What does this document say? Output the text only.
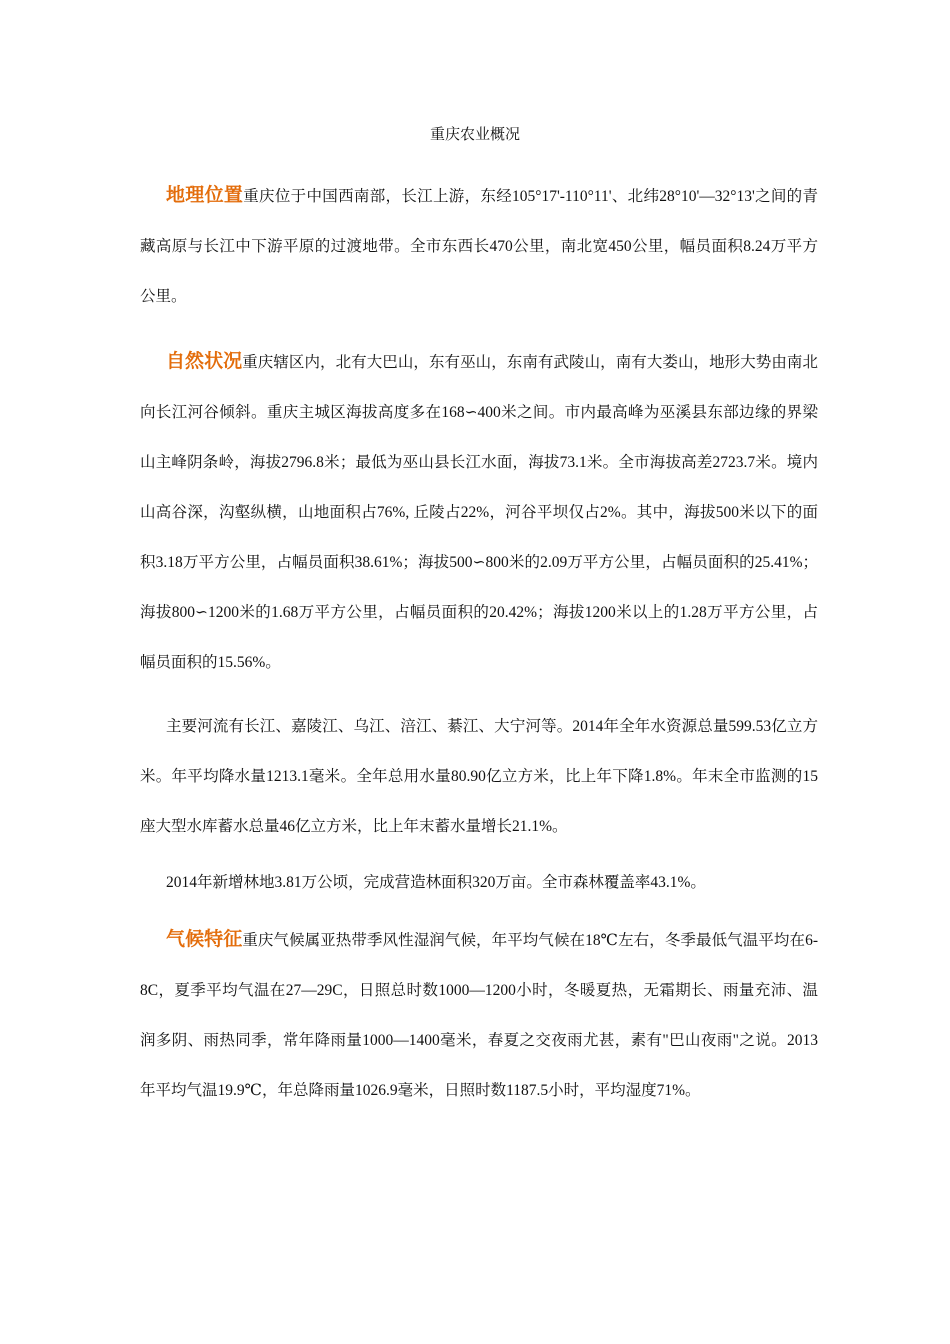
重庆农业概况

地理位置重庆位于中国西南部，长江上游，东经105°17'-110°11'、北纬28°10'—32°13'之间的青藏高原与长江中下游平原的过渡地带。全市东西长470公里，南北宽450公里，幅员面积8.24万平方公里。

自然状况重庆辖区内，北有大巴山，东有巫山，东南有武陵山，南有大娄山，地形大势由南北向长江河谷倾斜。重庆主城区海拔高度多在168∽400米之间。市内最高峰为巫溪县东部边缘的界梁山主峰阴条岭，海拔2796.8米；最低为巫山县长江水面，海拔73.1米。全市海拔高差2723.7米。境内山高谷深，沟壑纵横，山地面积占76%, 丘陵占22%，河谷平坝仅占2%。其中，海拔500米以下的面积3.18万平方公里，占幅员面积38.61%；海拔500∽800米的2.09万平方公里，占幅员面积的25.41%；海拔800∽1200米的1.68万平方公里，占幅员面积的20.42%；海拔1200米以上的1.28万平方公里，占幅员面积的15.56%。

主要河流有长江、嘉陵江、乌江、涪江、綦江、大宁河等。2014年全年水资源总量599.53亿立方米。年平均降水量1213.1毫米。全年总用水量80.90亿立方米，比上年下降1.8%。年末全市监测的15座大型水库蓄水总量46亿立方米，比上年末蓄水量增长21.1%。

2014年新增林地3.81万公顷，完成营造林面积320万亩。全市森林覆盖率43.1%。

气候特征重庆气候属亚热带季风性湿润气候，年平均气候在18℃左右，冬季最低气温平均在6-8C，夏季平均气温在27—29C，日照总时数1000—1200小时，冬暖夏热，无霜期长、雨量充沛、温润多阴、雨热同季，常年降雨量1000—1400毫米，春夏之交夜雨尤甚，素有"巴山夜雨"之说。2013年平均气温19.9℃，年总降雨量1026.9毫米，日照时数1187.5小时，平均湿度71%。
